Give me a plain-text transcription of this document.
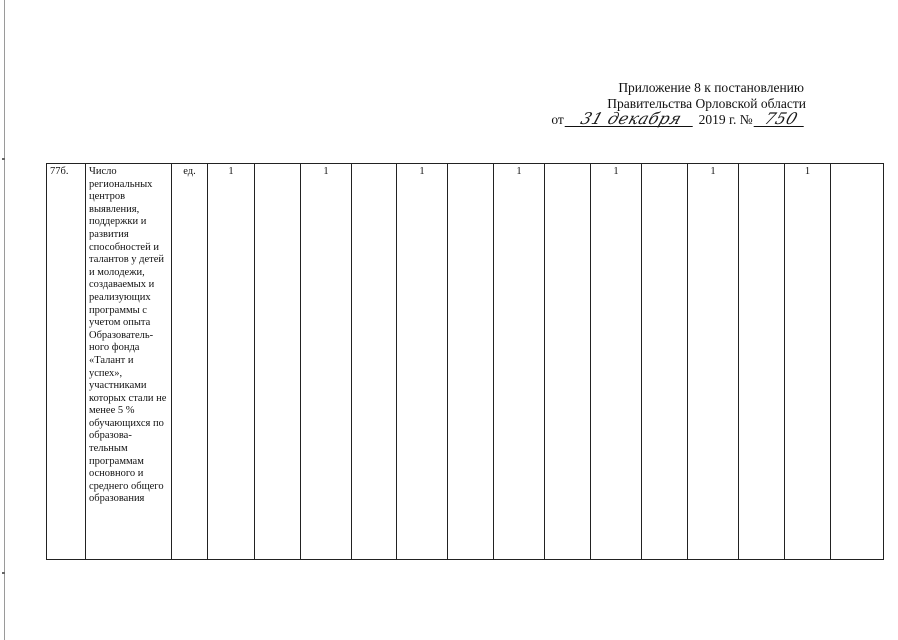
Приложение 8 к постановлению
Правительства Орловской области
от 31 декабря 2019 г. № 750
77б.	Число региональных центров выявления, поддержки и развития способностей и талантов у детей и молодежи, создаваемых и реализующих программы с учетом опыта Образователь-ного фонда «Талант и успех», участниками которых стали не менее 5 % обучающихся по образова-тельным программам основного и среднего общего образования	ед.	1		1		1		1		1		1		1	
